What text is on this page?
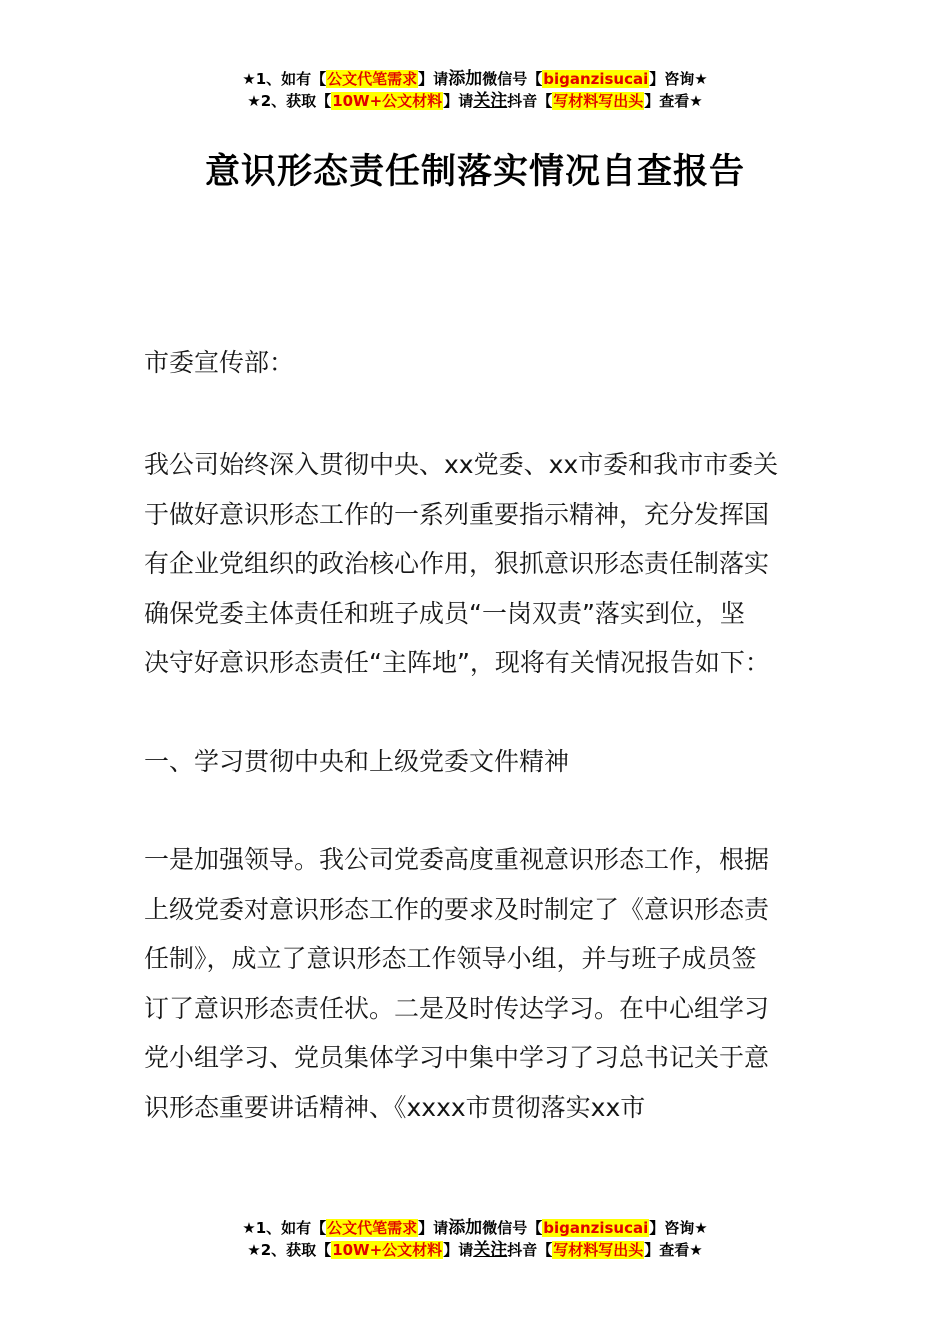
★1、如有【公文代笔需求】请添加微信号【biganzisucai】咨询★
★2、获取【10W+公文材料】请关注抖音【写材料写出头】查看★
意识形态责任制落实情况自查报告
市委宣传部：

我公司始终深入贯彻中央、xx党委、xx市委和我市市委关

于做好意识形态工作的一系列重要指示精神，充分发挥国

有企业党组织的政治核心作用，狠抓意识形态责任制落实

确保党委主体责任和班子成员“一岗双责”落实到位，坚

决守好意识形态责任“主阵地”，现将有关情况报告如下：

一、学习贯彻中央和上级党委文件精神

一是加强领导。我公司党委高度重视意识形态工作，根据

上级党委对意识形态工作的要求及时制定了《意识形态责

任制》，成立了意识形态工作领导小组，并与班子成员签

订了意识形态责任状。二是及时传达学习。在中心组学习

党小组学习、党员集体学习中集中学习了习总书记关于意

识形态重要讲话精神、《xxxx市贯彻落实xx市

★1、如有【公文代笔需求】请添加微信号【biganzisucai】咨询★
★2、获取【10W+公文材料】请关注抖音【写材料写出头】查看★
